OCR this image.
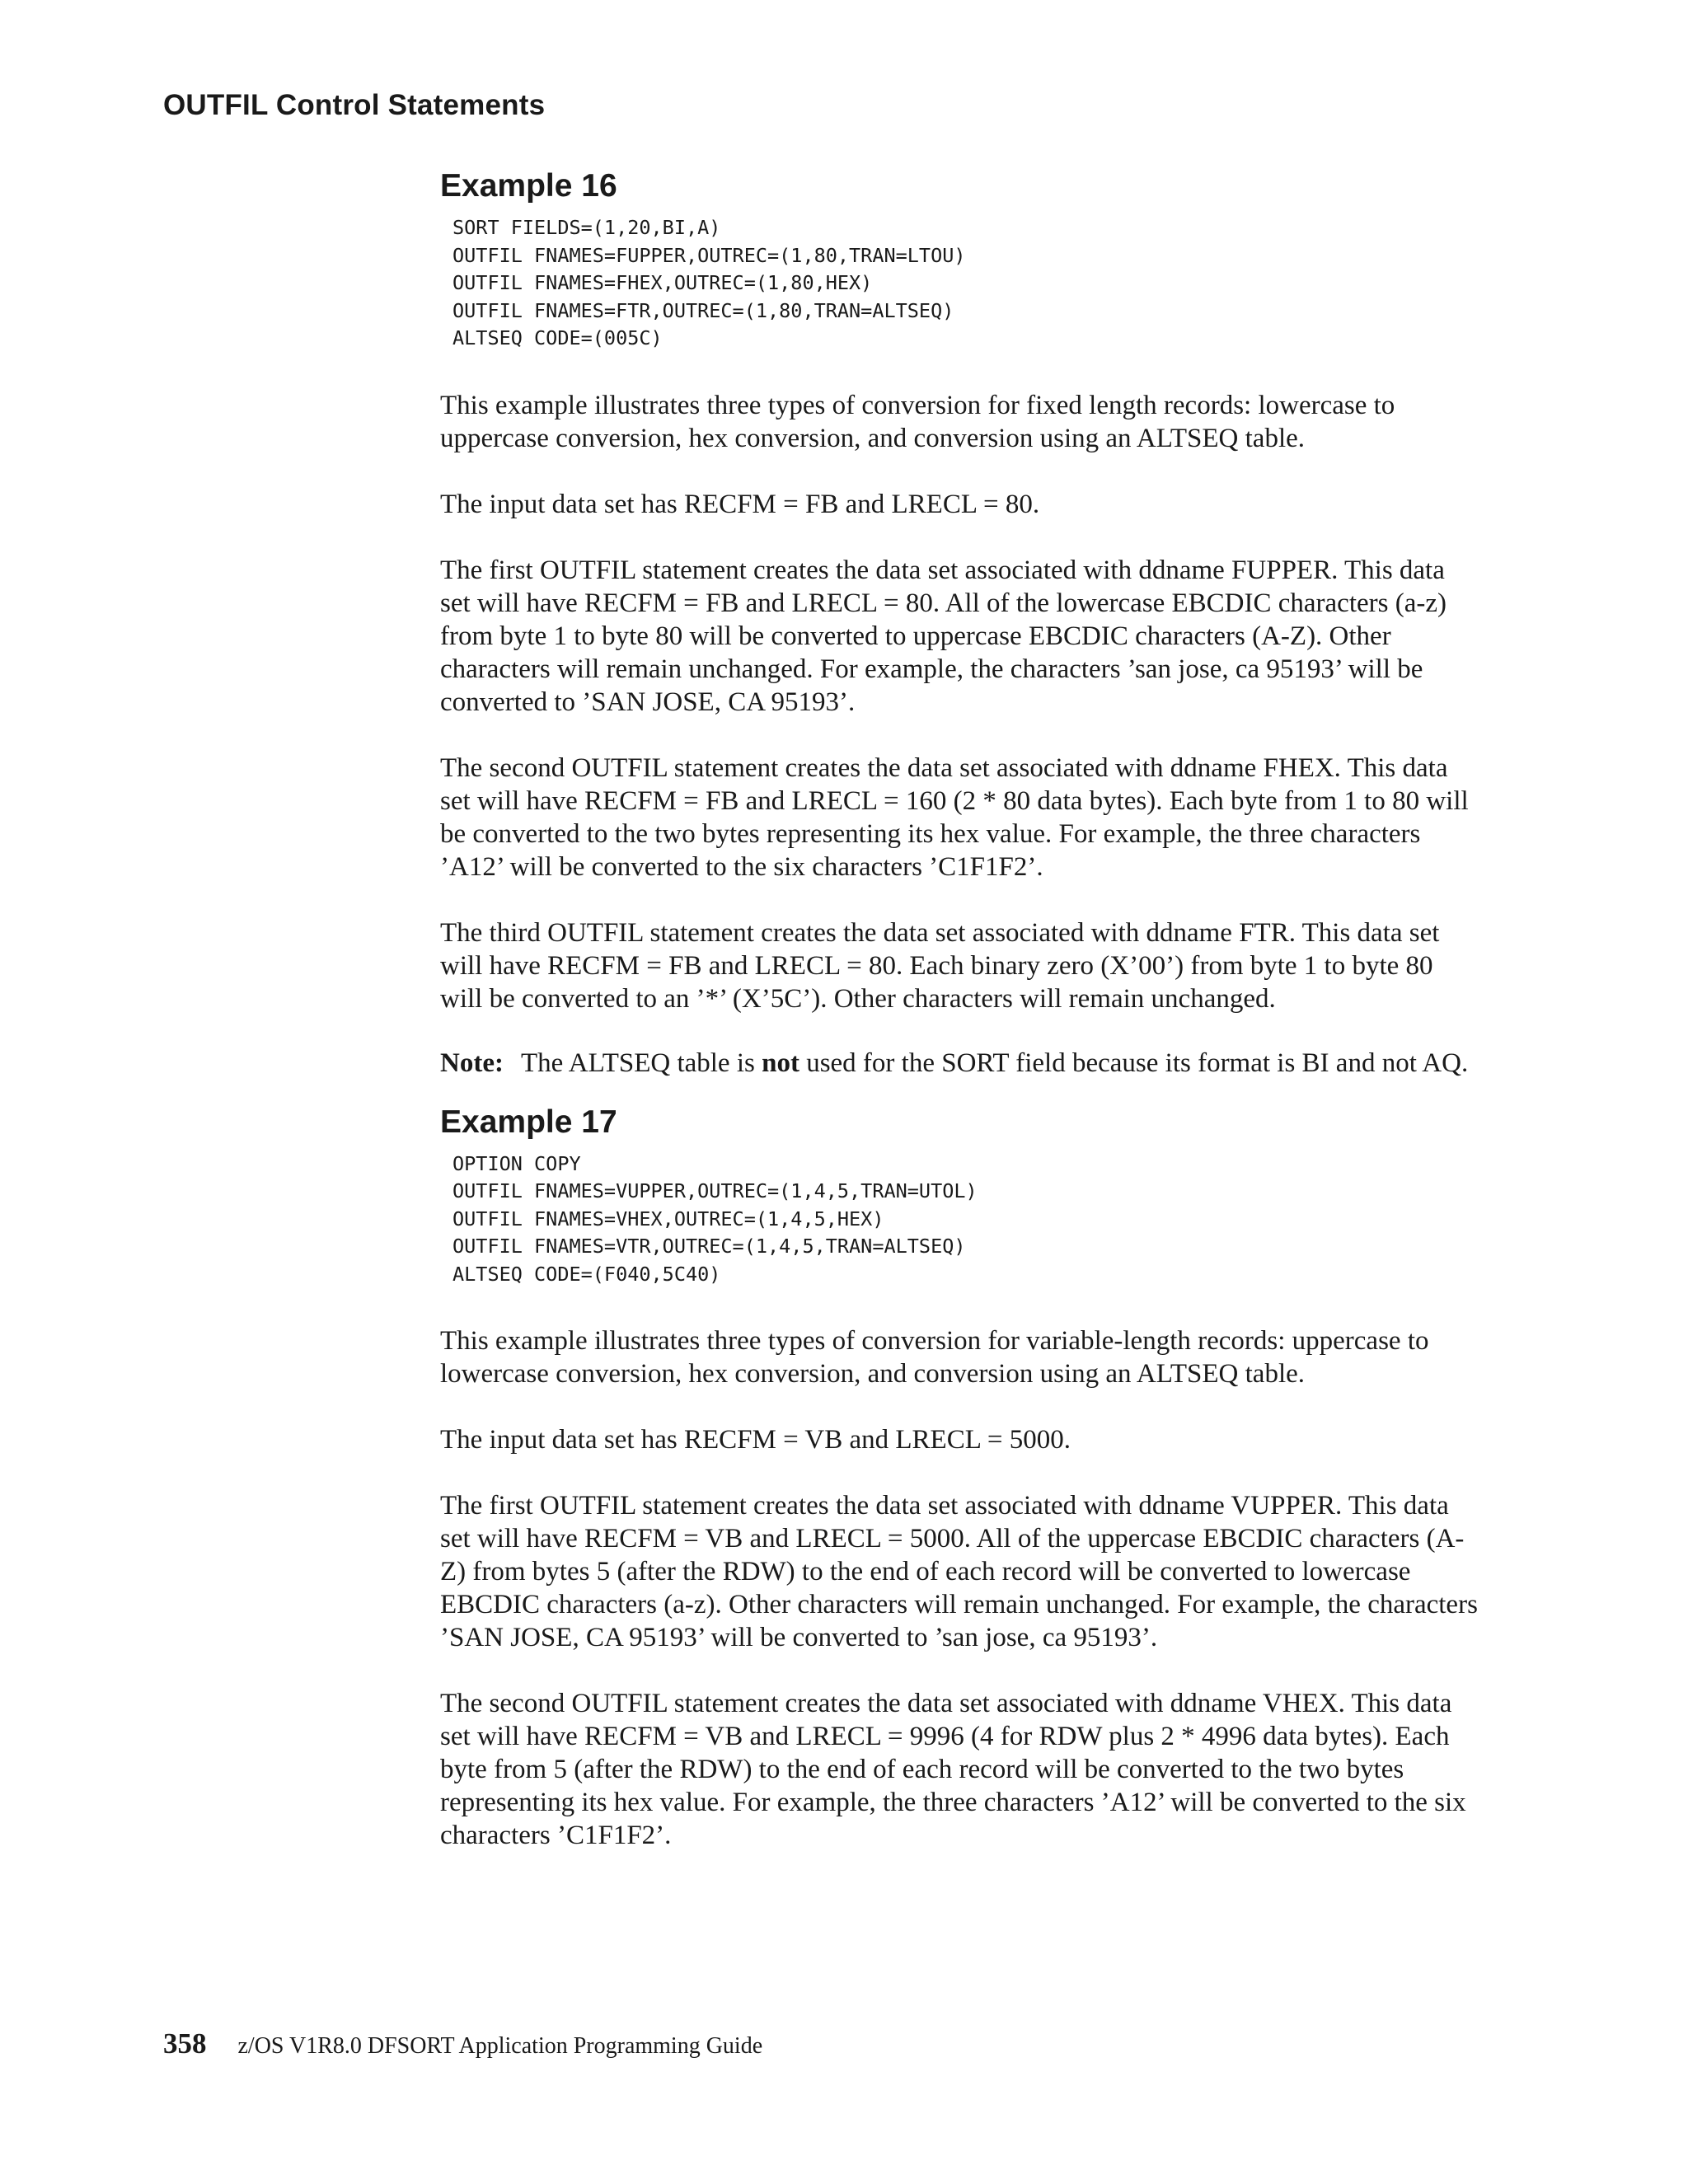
OUTFIL Control Statements
Example 16
SORT FIELDS=(1,20,BI,A)
OUTFIL FNAMES=FUPPER,OUTREC=(1,80,TRAN=LTOU)
OUTFIL FNAMES=FHEX,OUTREC=(1,80,HEX)
OUTFIL FNAMES=FTR,OUTREC=(1,80,TRAN=ALTSEQ)
ALTSEQ CODE=(005C)

This example illustrates three types of conversion for fixed length records: lowercase to uppercase conversion, hex conversion, and conversion using an ALTSEQ table.

The input data set has RECFM = FB and LRECL = 80.

The first OUTFIL statement creates the data set associated with ddname FUPPER. This data set will have RECFM = FB and LRECL = 80. All of the lowercase EBCDIC characters (a-z) from byte 1 to byte 80 will be converted to uppercase EBCDIC characters (A-Z). Other characters will remain unchanged. For example, the characters ’san jose, ca 95193’ will be converted to ’SAN JOSE, CA 95193’.

The second OUTFIL statement creates the data set associated with ddname FHEX. This data set will have RECFM = FB and LRECL = 160 (2 * 80 data bytes). Each byte from 1 to 80 will be converted to the two bytes representing its hex value. For example, the three characters ’A12’ will be converted to the six characters ’C1F1F2’.

The third OUTFIL statement creates the data set associated with ddname FTR. This data set will have RECFM = FB and LRECL = 80. Each binary zero (X’00’) from byte 1 to byte 80 will be converted to an ’*’ (X’5C’). Other characters will remain unchanged.

Note: The ALTSEQ table is not used for the SORT field because its format is BI and not AQ.
Example 17
OPTION COPY
OUTFIL FNAMES=VUPPER,OUTREC=(1,4,5,TRAN=UTOL)
OUTFIL FNAMES=VHEX,OUTREC=(1,4,5,HEX)
OUTFIL FNAMES=VTR,OUTREC=(1,4,5,TRAN=ALTSEQ)
ALTSEQ CODE=(F040,5C40)

This example illustrates three types of conversion for variable-length records: uppercase to lowercase conversion, hex conversion, and conversion using an ALTSEQ table.

The input data set has RECFM = VB and LRECL = 5000.

The first OUTFIL statement creates the data set associated with ddname VUPPER. This data set will have RECFM = VB and LRECL = 5000. All of the uppercase EBCDIC characters (A-Z) from bytes 5 (after the RDW) to the end of each record will be converted to lowercase EBCDIC characters (a-z). Other characters will remain unchanged. For example, the characters ’SAN JOSE, CA 95193’ will be converted to ’san jose, ca 95193’.

The second OUTFIL statement creates the data set associated with ddname VHEX. This data set will have RECFM = VB and LRECL = 9996 (4 for RDW plus 2 * 4996 data bytes). Each byte from 5 (after the RDW) to the end of each record will be converted to the two bytes representing its hex value. For example, the three characters ’A12’ will be converted to the six characters ’C1F1F2’.

358 z/OS V1R8.0 DFSORT Application Programming Guide
